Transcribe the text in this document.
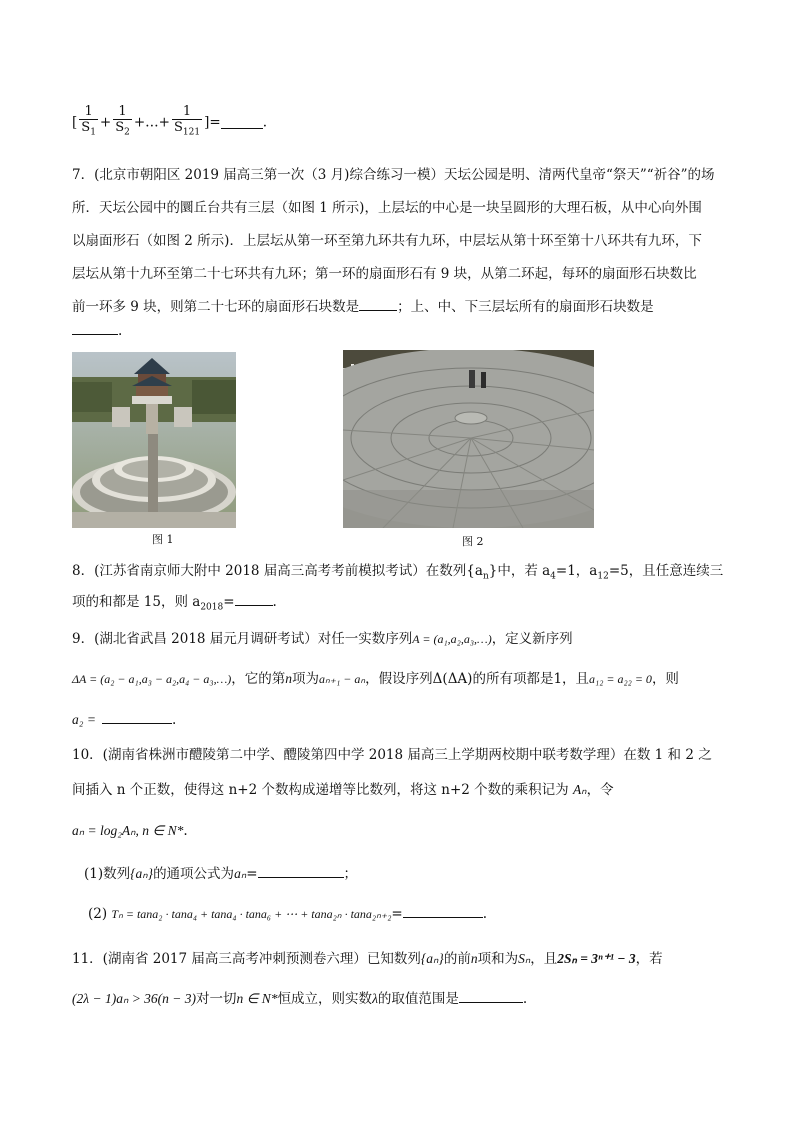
[ $\frac{1}{S_1} + \frac{1}{S_2}$ +…+ $\frac{1}{S_{121}}$ ]=	.
7．(北京市朝阳区 2019 届高三第一次（3 月)综合练习一模）天坛公园是明、清两代皇帝“祭天”“祈谷”的场
所．天坛公园中的圜丘台共有三层（如图 1 所示)，上层坛的中心是一块呈圆形的大理石板，从中心向外围
以扇面形石（如图 2 所示)．上层坛从第一环至第九环共有九环，中层坛从第十环至第十八环共有九环，下
层坛从第十九环至第二十七环共有九环；第一环的扇面形石有 9 块，从第二环起，每环的扇面形石块数比
前一环多 9 块，则第二十七环的扇面形石块数是	；上、中、下三层坛所有的扇面形石块数是
.
图 1	图 2
8．(江苏省南京师大附中 2018 届高三高考考前模拟考试）在数列$\{a_n\}$中，若 $a_4=1$，$a_{12}=5$，且任意连续三
项的和都是 15，则 $a_{2018}=$	.
9．(湖北省武昌 2018 届元月调研考试）对任一实数序列A = (a₁,a₂,a₃,…)，定义新序列
ΔA = (a₂ − a₁,a₃ − a₂,a₄ − a₃,…)，它的第n项为aₙ₊₁ − aₙ，假设序列Δ(ΔA)的所有项都是1，且a₁₂ = a₂₂ = 0，则
a₂ =	.
10．(湖南省株洲市醴陵第二中学、醴陵第四中学 2018 届高三上学期两校期中联考数学理）在数 1 和 2 之
间插入 n 个正数，使得这 n+2 个数构成递增等比数列，将这 n+2 个数的乘积记为 Aₙ，令
aₙ = log₂Aₙ, n ∈ N*.
(1)数列{aₙ}的通项公式为aₙ=	；
(2) Tₙ = tana₂ · tana₄ + tana₄ · tana₆ + ⋯ + tana₂ₙ · tana₂ₙ₊₂=	.
11．(湖南省 2017 届高三高考冲刺预测卷六理）已知数列{aₙ}的前n项和为Sₙ，且2Sₙ = 3ⁿ⁺¹ − 3，若
(2λ − 1)aₙ > 36(n − 3)对一切n ∈ N*恒成立，则实数λ的取值范围是	.
